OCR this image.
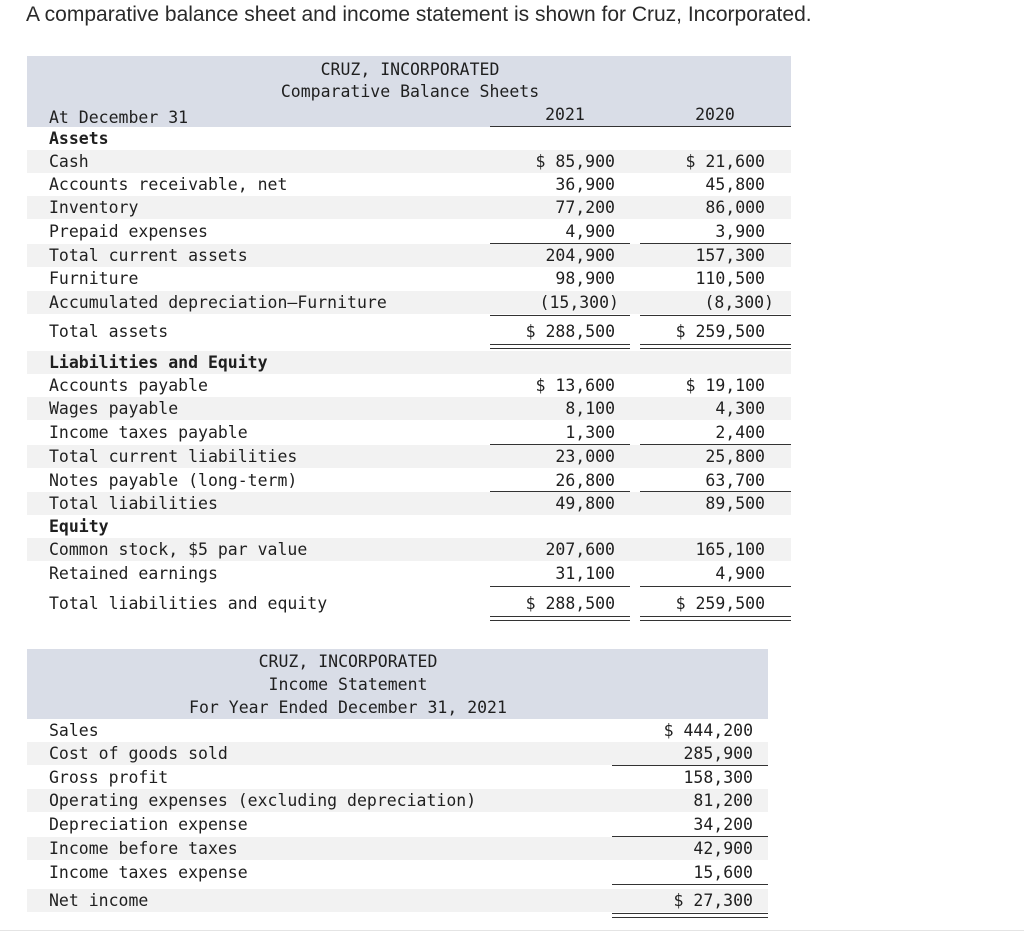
A comparative balance sheet and income statement is shown for Cruz, Incorporated.
CRUZ, INCORPORATED
Comparative Balance Sheets
At December 31	2021	2020
Assets
Cash	$ 85,900	$ 21,600
Accounts receivable, net	36,900	45,800
Inventory	77,200	86,000
Prepaid expenses	4,900	3,900
Total current assets	204,900	157,300
Furniture	98,900	110,500
Accumulated depreciation—Furniture	(15,300)	(8,300)
Total assets	$ 288,500	$ 259,500
Liabilities and Equity
Accounts payable	$ 13,600	$ 19,100
Wages payable	8,100	4,300
Income taxes payable	1,300	2,400
Total current liabilities	23,000	25,800
Notes payable (long-term)	26,800	63,700
Total liabilities	49,800	89,500
Equity
Common stock, $5 par value	207,600	165,100
Retained earnings	31,100	4,900
Total liabilities and equity	$ 288,500	$ 259,500
CRUZ, INCORPORATED
Income Statement
For Year Ended December 31, 2021
Sales	$ 444,200
Cost of goods sold	285,900
Gross profit	158,300
Operating expenses (excluding depreciation)	81,200
Depreciation expense	34,200
Income before taxes	42,900
Income taxes expense	15,600
Net income	$ 27,300
